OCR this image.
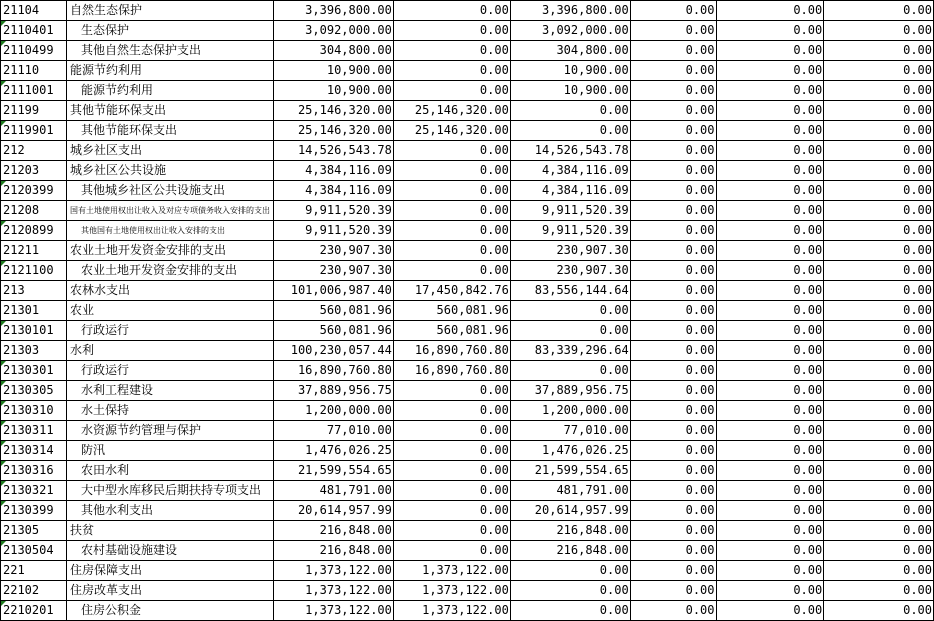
21104	自然生态保护	3,396,800.00	0.00	3,396,800.00	0.00	0.00	0.00
2110401	生态保护	3,092,000.00	0.00	3,092,000.00	0.00	0.00	0.00
2110499	其他自然生态保护支出	304,800.00	0.00	304,800.00	0.00	0.00	0.00
21110	能源节约利用	10,900.00	0.00	10,900.00	0.00	0.00	0.00
2111001	能源节约利用	10,900.00	0.00	10,900.00	0.00	0.00	0.00
21199	其他节能环保支出	25,146,320.00	25,146,320.00	0.00	0.00	0.00	0.00
2119901	其他节能环保支出	25,146,320.00	25,146,320.00	0.00	0.00	0.00	0.00
212	城乡社区支出	14,526,543.78	0.00	14,526,543.78	0.00	0.00	0.00
21203	城乡社区公共设施	4,384,116.09	0.00	4,384,116.09	0.00	0.00	0.00
2120399	其他城乡社区公共设施支出	4,384,116.09	0.00	4,384,116.09	0.00	0.00	0.00
21208	国有土地使用权出让收入及对应专项债务收入安排的支出	9,911,520.39	0.00	9,911,520.39	0.00	0.00	0.00
2120899	其他国有土地使用权出让收入安排的支出	9,911,520.39	0.00	9,911,520.39	0.00	0.00	0.00
21211	农业土地开发资金安排的支出	230,907.30	0.00	230,907.30	0.00	0.00	0.00
2121100	农业土地开发资金安排的支出	230,907.30	0.00	230,907.30	0.00	0.00	0.00
213	农林水支出	101,006,987.40	17,450,842.76	83,556,144.64	0.00	0.00	0.00
21301	农业	560,081.96	560,081.96	0.00	0.00	0.00	0.00
2130101	行政运行	560,081.96	560,081.96	0.00	0.00	0.00	0.00
21303	水利	100,230,057.44	16,890,760.80	83,339,296.64	0.00	0.00	0.00
2130301	行政运行	16,890,760.80	16,890,760.80	0.00	0.00	0.00	0.00
2130305	水利工程建设	37,889,956.75	0.00	37,889,956.75	0.00	0.00	0.00
2130310	水土保持	1,200,000.00	0.00	1,200,000.00	0.00	0.00	0.00
2130311	水资源节约管理与保护	77,010.00	0.00	77,010.00	0.00	0.00	0.00
2130314	防汛	1,476,026.25	0.00	1,476,026.25	0.00	0.00	0.00
2130316	农田水利	21,599,554.65	0.00	21,599,554.65	0.00	0.00	0.00
2130321	大中型水库移民后期扶持专项支出	481,791.00	0.00	481,791.00	0.00	0.00	0.00
2130399	其他水利支出	20,614,957.99	0.00	20,614,957.99	0.00	0.00	0.00
21305	扶贫	216,848.00	0.00	216,848.00	0.00	0.00	0.00
2130504	农村基础设施建设	216,848.00	0.00	216,848.00	0.00	0.00	0.00
221	住房保障支出	1,373,122.00	1,373,122.00	0.00	0.00	0.00	0.00
22102	住房改革支出	1,373,122.00	1,373,122.00	0.00	0.00	0.00	0.00
2210201	住房公积金	1,373,122.00	1,373,122.00	0.00	0.00	0.00	0.00
